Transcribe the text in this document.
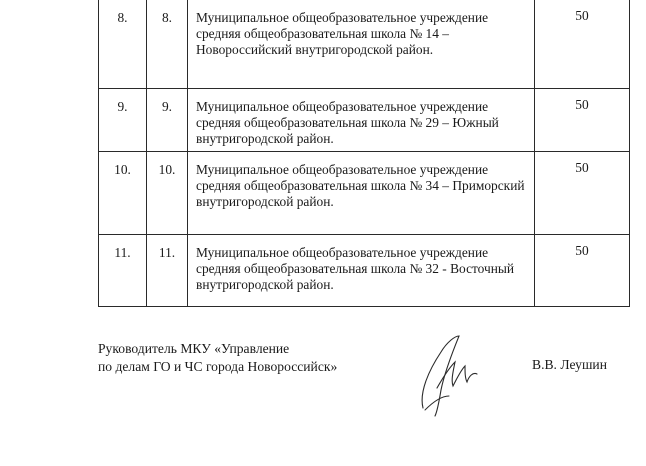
8.	8.	Муниципальное общеобразовательное учреждение средняя общеобразовательная школа № 14 – Новороссийский внутригородской район.	50
9.	9.	Муниципальное общеобразовательное учреждение средняя общеобразовательная школа № 29 – Южный внутригородской район.	50
10.	10.	Муниципальное общеобразовательное учреждение средняя общеобразовательная школа № 34 – Приморский внутригородской район.	50
11.	11.	Муниципальное общеобразовательное учреждение средняя общеобразовательная школа № 32 - Восточный внутригородской район.	50
Руководитель МКУ «Управление
по делам ГО и ЧС города Новороссийск»	В.В. Леушин
